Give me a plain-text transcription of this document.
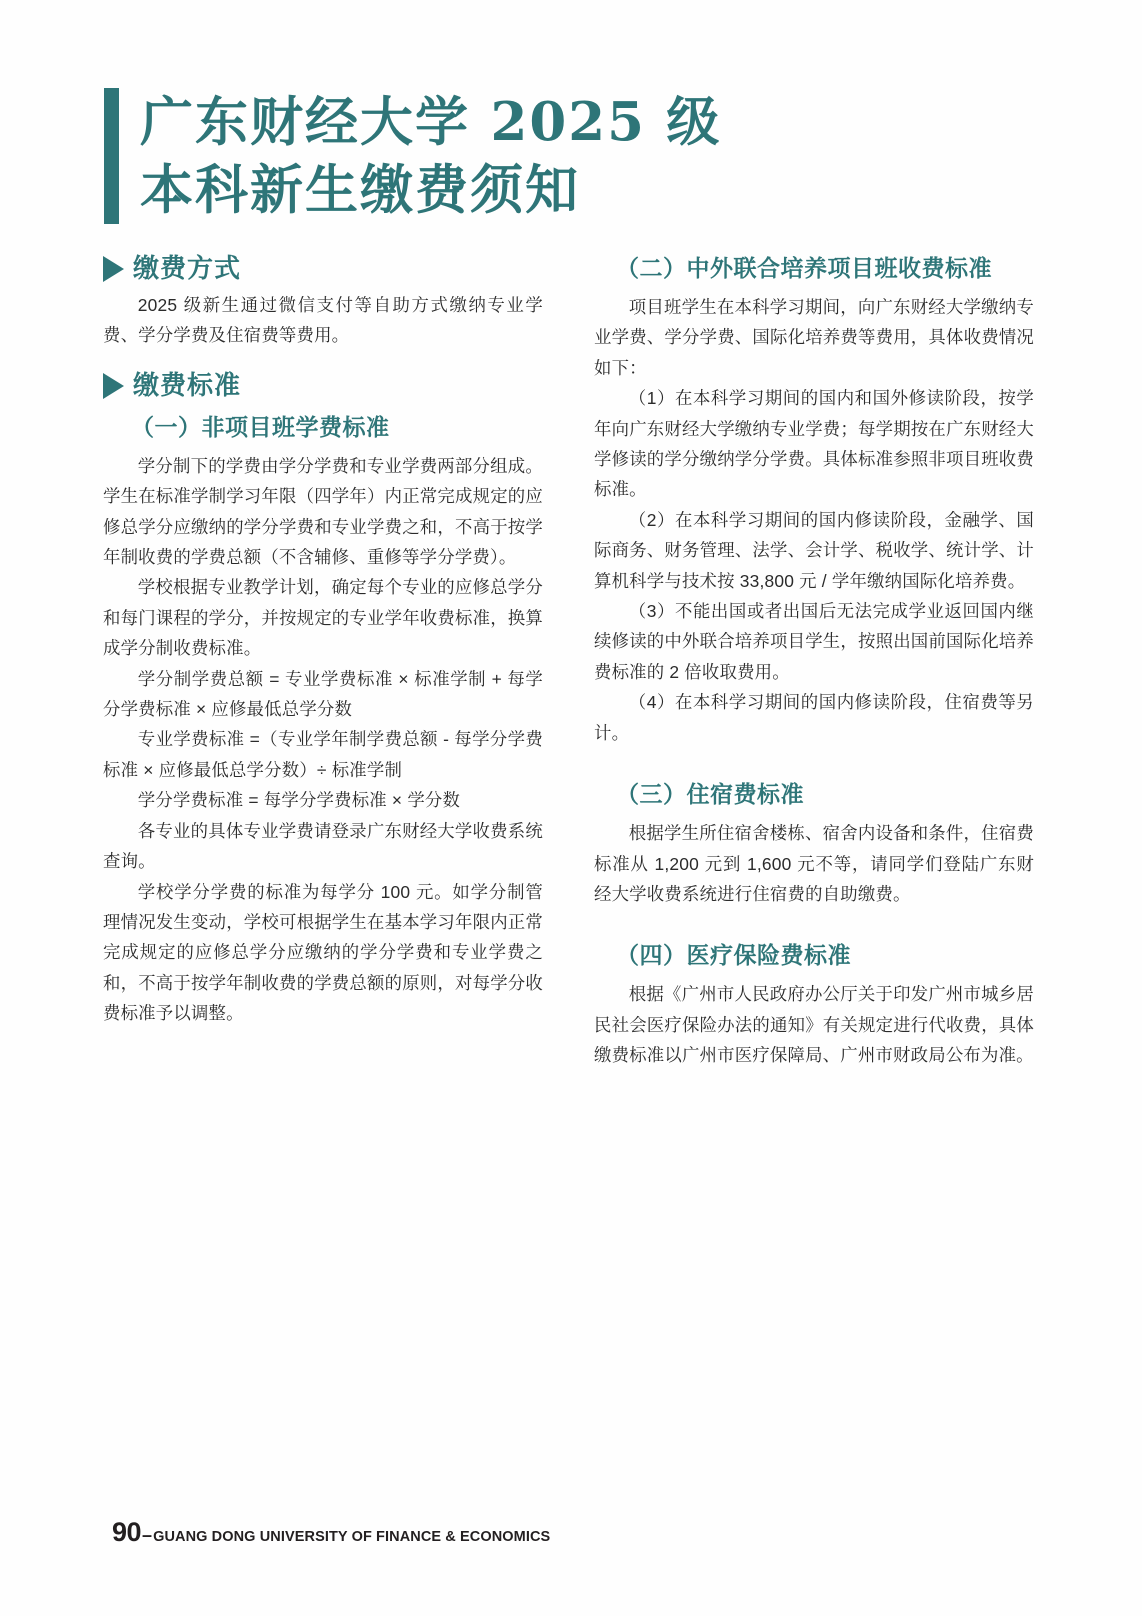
广东财经大学 2025 级
本科新生缴费须知
缴费方式

2025 级新生通过微信支付等自助方式缴纳专业学费、学分学费及住宿费等费用。

缴费标准
（一）非项目班学费标准

学分制下的学费由学分学费和专业学费两部分组成。学生在标准学制学习年限（四学年）内正常完成规定的应修总学分应缴纳的学分学费和专业学费之和，不高于按学年制收费的学费总额（不含辅修、重修等学分学费）。

学校根据专业教学计划，确定每个专业的应修总学分和每门课程的学分，并按规定的专业学年收费标准，换算成学分制收费标准。

学分制学费总额 = 专业学费标准 × 标准学制 + 每学分学费标准 × 应修最低总学分数

专业学费标准 =（专业学年制学费总额 - 每学分学费标准 × 应修最低总学分数）÷ 标准学制

学分学费标准 = 每学分学费标准 × 学分数

各专业的具体专业学费请登录广东财经大学收费系统查询。

学校学分学费的标准为每学分 100 元。如学分制管理情况发生变动，学校可根据学生在基本学习年限内正常完成规定的应修总学分应缴纳的学分学费和专业学费之和，不高于按学年制收费的学费总额的原则，对每学分收费标准予以调整。

（二）中外联合培养项目班收费标准

项目班学生在本科学习期间，向广东财经大学缴纳专业学费、学分学费、国际化培养费等费用，具体收费情况如下：

（1）在本科学习期间的国内和国外修读阶段，按学年向广东财经大学缴纳专业学费；每学期按在广东财经大学修读的学分缴纳学分学费。具体标准参照非项目班收费标准。

（2）在本科学习期间的国内修读阶段，金融学、国际商务、财务管理、法学、会计学、税收学、统计学、计算机科学与技术按 33,800 元 / 学年缴纳国际化培养费。

（3）不能出国或者出国后无法完成学业返回国内继续修读的中外联合培养项目学生，按照出国前国际化培养费标准的 2 倍收取费用。

（4）在本科学习期间的国内修读阶段，住宿费等另计。

（三）住宿费标准

根据学生所住宿舍楼栋、宿舍内设备和条件，住宿费标准从 1,200 元到 1,600 元不等，请同学们登陆广东财经大学收费系统进行住宿费的自助缴费。

（四）医疗保险费标准

根据《广州市人民政府办公厅关于印发广州市城乡居民社会医疗保险办法的通知》有关规定进行代收费，具体缴费标准以广州市医疗保障局、广州市财政局公布为准。

90 – GUANG DONG UNIVERSITY OF FINANCE & ECONOMICS
